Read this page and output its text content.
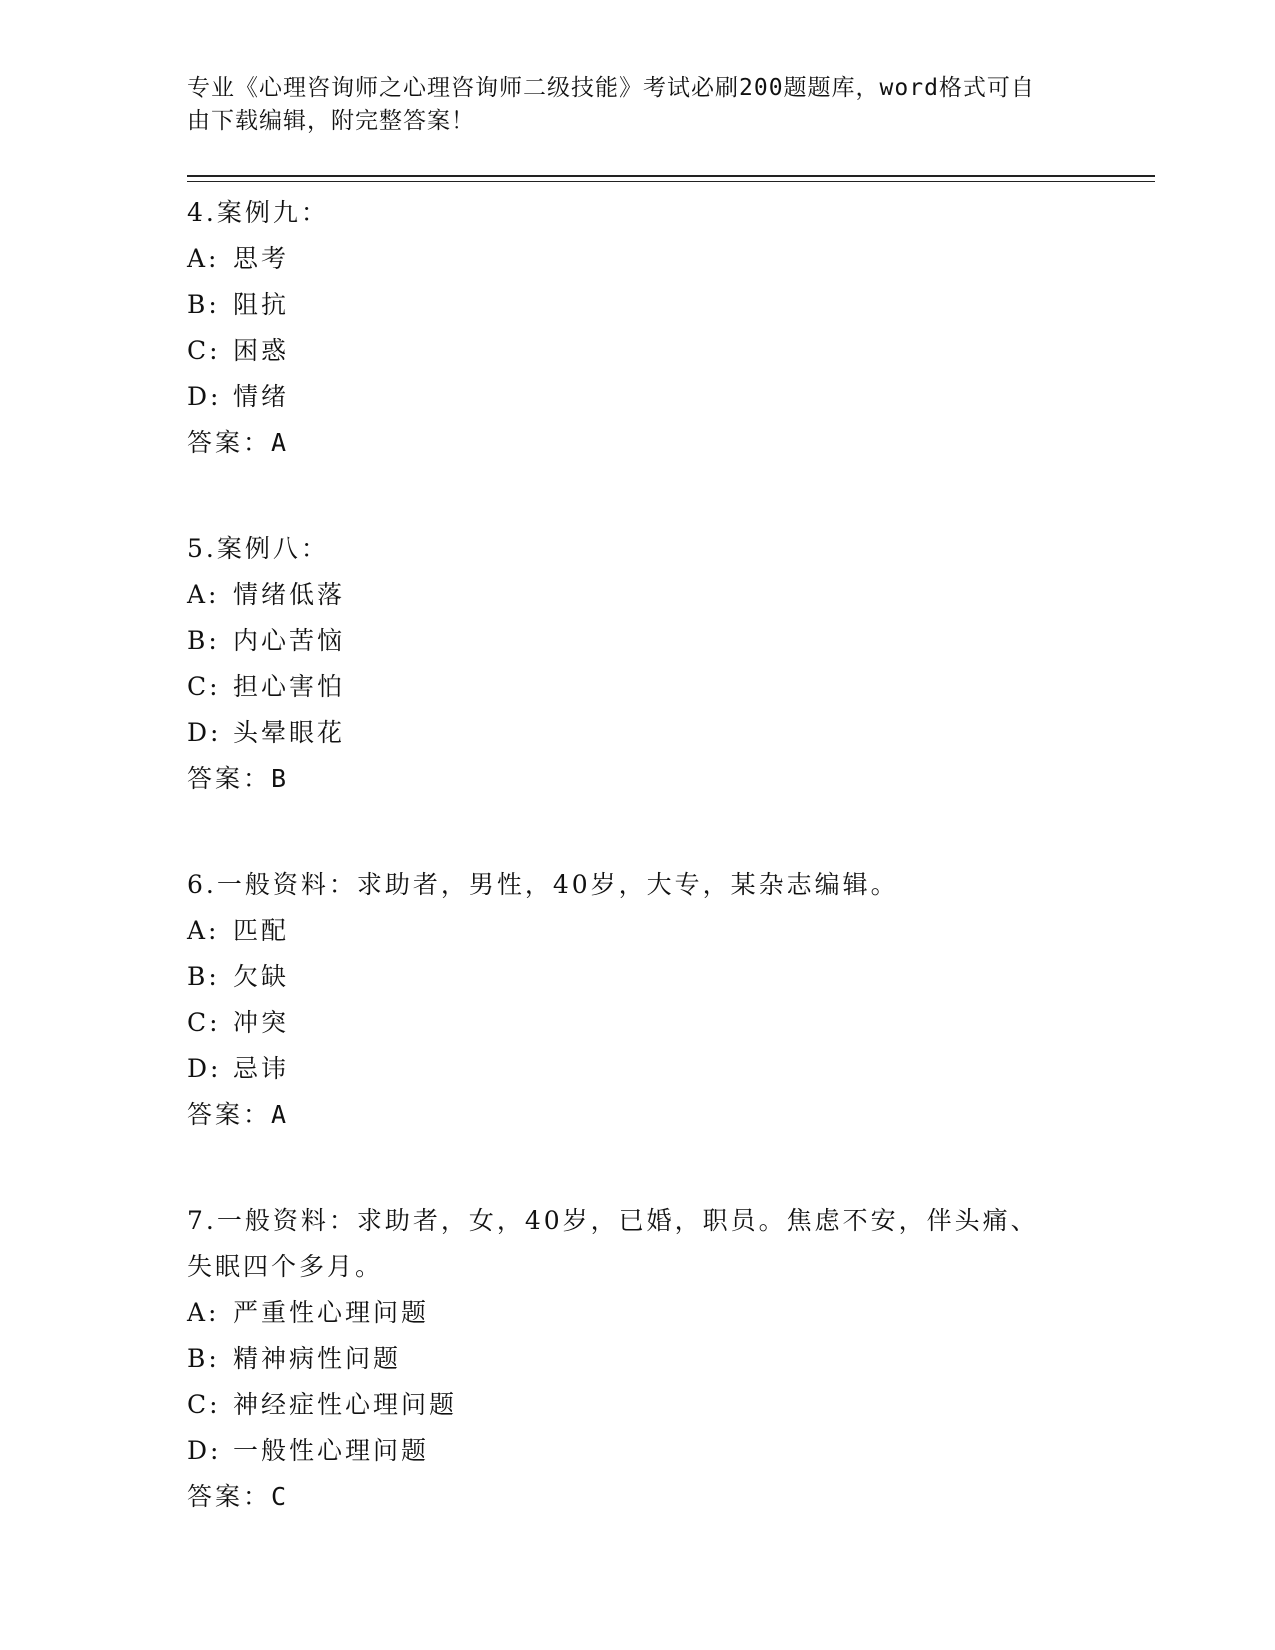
专业《心理咨询师之心理咨询师二级技能》考试必刷200题题库，word格式可自
由下载编辑，附完整答案！
4.案例九：
A: 思考
B: 阻抗
C: 困惑
D: 情绪
答案：A
5.案例八：
A: 情绪低落
B: 内心苦恼
C: 担心害怕
D: 头晕眼花
答案：B
6.一般资料：求助者，男性，40岁，大专，某杂志编辑。
A: 匹配
B: 欠缺
C: 冲突
D: 忌讳
答案：A
7.一般资料：求助者，女，40岁，已婚，职员。焦虑不安，伴头痛、
失眠四个多月。
A: 严重性心理问题
B: 精神病性问题
C: 神经症性心理问题
D: 一般性心理问题
答案：C
